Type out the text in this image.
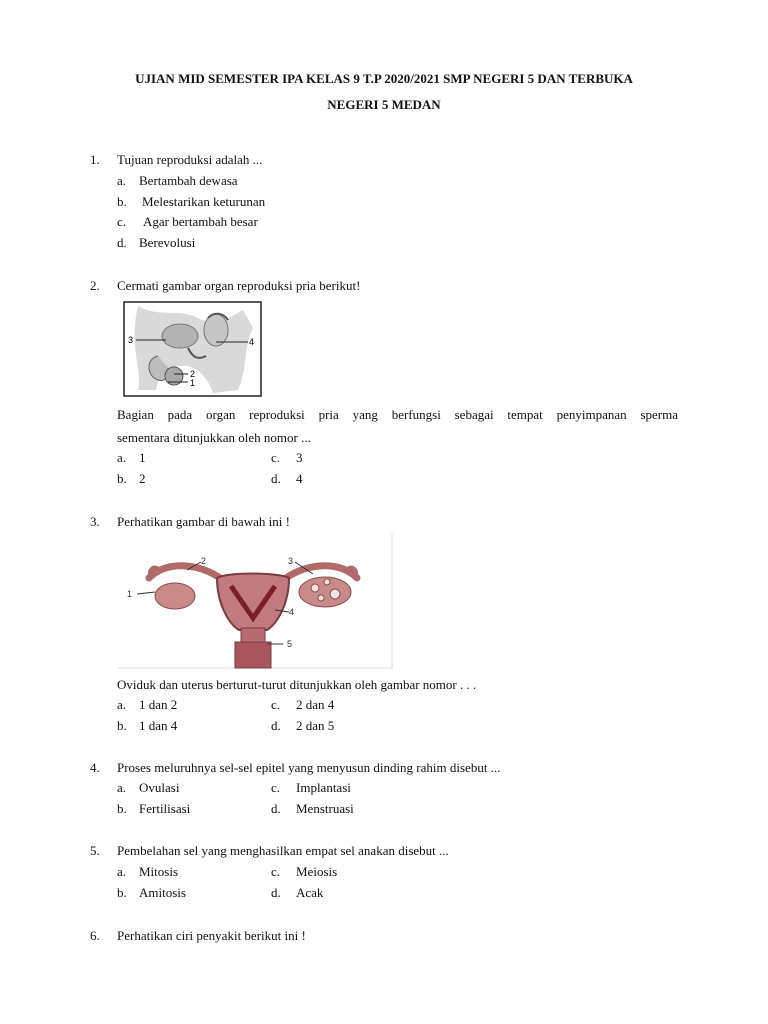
UJIAN MID SEMESTER IPA KELAS 9 T.P 2020/2021 SMP NEGERI 5 DAN TERBUKA
NEGERI 5 MEDAN
1. Tujuan reproduksi adalah ...
a. Bertambah dewasa
b. Melestarikan keturunan
c. Agar bertambah besar
d. Berevolusi
2. Cermati gambar organ reproduksi pria berikut!
3	4
2
1
Bagian pada organ reproduksi pria yang berfungsi sebagai tempat penyimpanan sperma
sementara ditunjukkan oleh nomor ...
a. 1	c. 3
b. 2	d. 4
3. Perhatikan gambar di bawah ini !
2	3
1
4
5
Oviduk dan uterus berturut-turut ditunjukkan oleh gambar nomor . . .
a. 1 dan 2	c. 2 dan 4
b. 1 dan 4	d. 2 dan 5
4. Proses meluruhnya sel-sel epitel yang menyusun dinding rahim disebut ...
a. Ovulasi	c. Implantasi
b. Fertilisasi	d. Menstruasi
5. Pembelahan sel yang menghasilkan empat sel anakan disebut ...
a. Mitosis	c. Meiosis
b. Amitosis	d. Acak
6. Perhatikan ciri penyakit berikut ini !
